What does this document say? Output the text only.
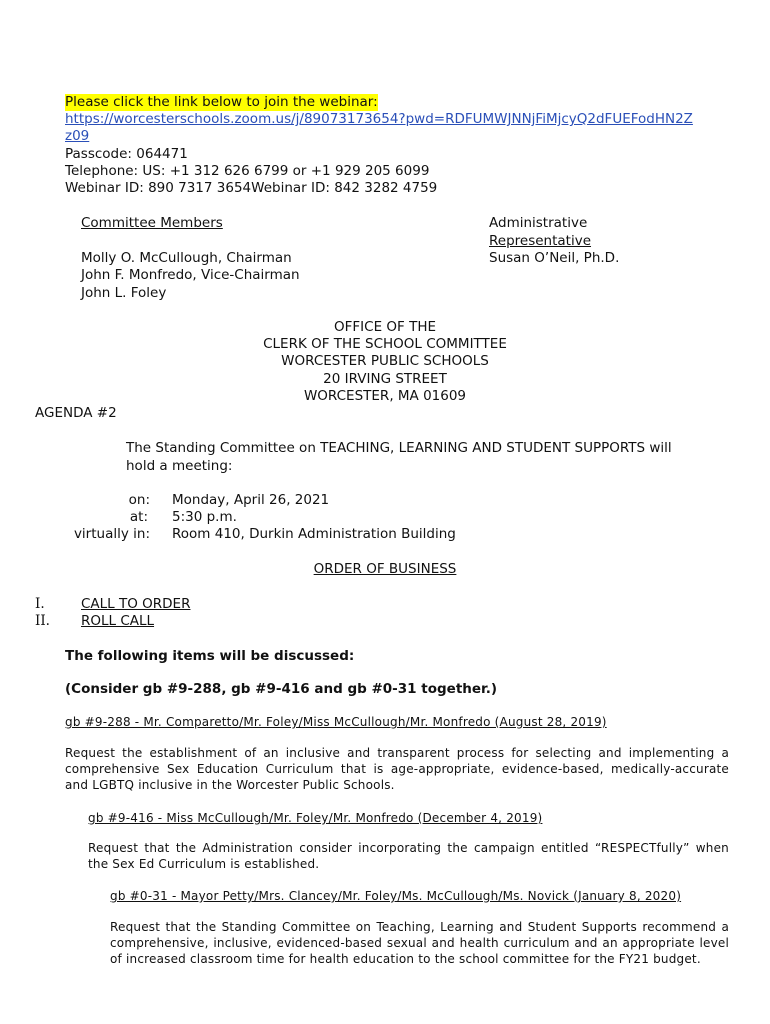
Please click the link below to join the webinar:
https://worcesterschools.zoom.us/j/89073173654?pwd=RDFUMWJNNjFiMjcyQ2dFUEFodHN2Z
z09
Passcode: 064471
Telephone: US: +1 312 626 6799 or +1 929 205 6099
Webinar ID: 890 7317 3654Webinar ID: 842 3282 4759
Committee Members
Molly O. McCullough, Chairman
John F. Monfredo, Vice-Chairman
John L. Foley
Administrative
Representative
Susan O’Neil, Ph.D.
OFFICE OF THE
CLERK OF THE SCHOOL COMMITTEE
WORCESTER PUBLIC SCHOOLS
20 IRVING STREET
WORCESTER, MA 01609
AGENDA #2
The Standing Committee on TEACHING, LEARNING AND STUDENT SUPPORTS will
hold a meeting:
on: Monday, April 26, 2021
at: 5:30 p.m.
virtually in: Room 410, Durkin Administration Building
ORDER OF BUSINESS
I.	CALL TO ORDER
II. ROLL CALL
The following items will be discussed:
(Consider gb #9-288, gb #9-416 and gb #0-31 together.)
gb #9-288 - Mr. Comparetto/Mr. Foley/Miss McCullough/Mr. Monfredo (August 28, 2019)
Request the establishment of an inclusive and transparent process for selecting and implementing a comprehensive Sex Education Curriculum that is age-appropriate, evidence-based, medically-accurate and LGBTQ inclusive in the Worcester Public Schools.
gb #9-416 - Miss McCullough/Mr. Foley/Mr. Monfredo (December 4, 2019)
Request that the Administration consider incorporating the campaign entitled “RESPECTfully” when the Sex Ed Curriculum is established.
gb #0-31 - Mayor Petty/Mrs. Clancey/Mr. Foley/Ms. McCullough/Ms. Novick (January 8, 2020)
Request that the Standing Committee on Teaching, Learning and Student Supports recommend a comprehensive, inclusive, evidenced-based sexual and health curriculum and an appropriate level of increased classroom time for health education to the school committee for the FY21 budget.
